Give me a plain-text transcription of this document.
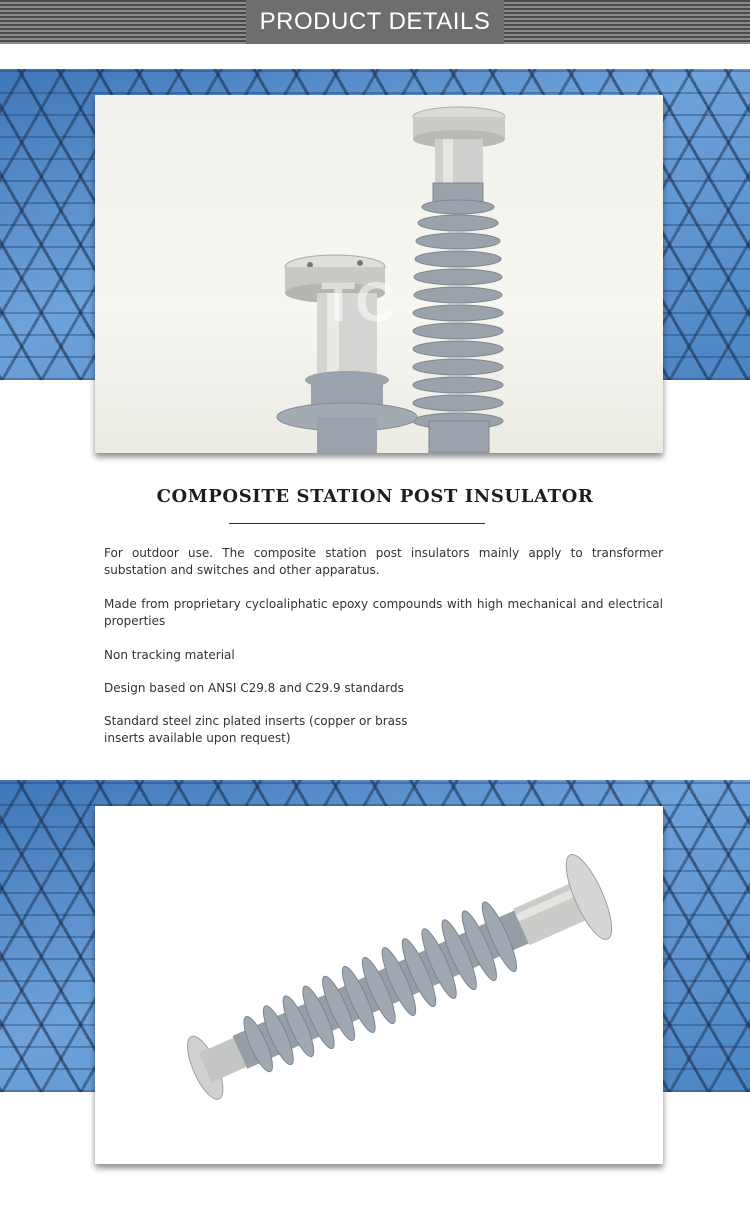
PRODUCT DETAILS
TC
COMPOSITE STATION POST INSULATOR

For outdoor use. The composite station post insulators mainly apply to transformer substation and switches and other apparatus.

Made from proprietary cycloaliphatic epoxy compounds with high mechanical and electrical properties

Non tracking material

Design based on ANSI C29.8 and C29.9 standards

Standard steel zinc plated inserts (copper or brass inserts available upon request)
